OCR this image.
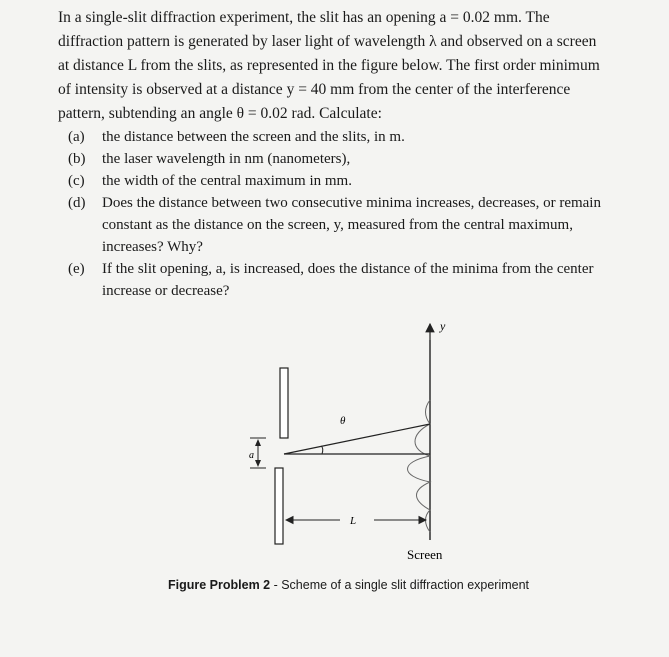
In a single-slit diffraction experiment, the slit has an opening a = 0.02 mm. The
diffraction pattern is generated by laser light of wavelength λ and observed on a screen
at distance L from the slits, as represented in the figure below. The first order minimum
of intensity is observed at a distance y = 40 mm from the center of the interference
pattern, subtending an angle θ = 0.02 rad. Calculate:
(a)	the distance between the screen and the slits, in m.
(b)	the laser wavelength in nm (nanometers),
(c)	the width of the central maximum in mm.
(d)	Does the distance between two consecutive minima increases, decreases, or remain
constant as the distance on the screen, y, measured from the central maximum,
increases? Why?
(e)	If the slit opening, a, is increased, does the distance of the minima from the center
increase or decrease?
y
θ
a
L
Screen
Figure Problem 2 - Scheme of a single slit diffraction experiment
